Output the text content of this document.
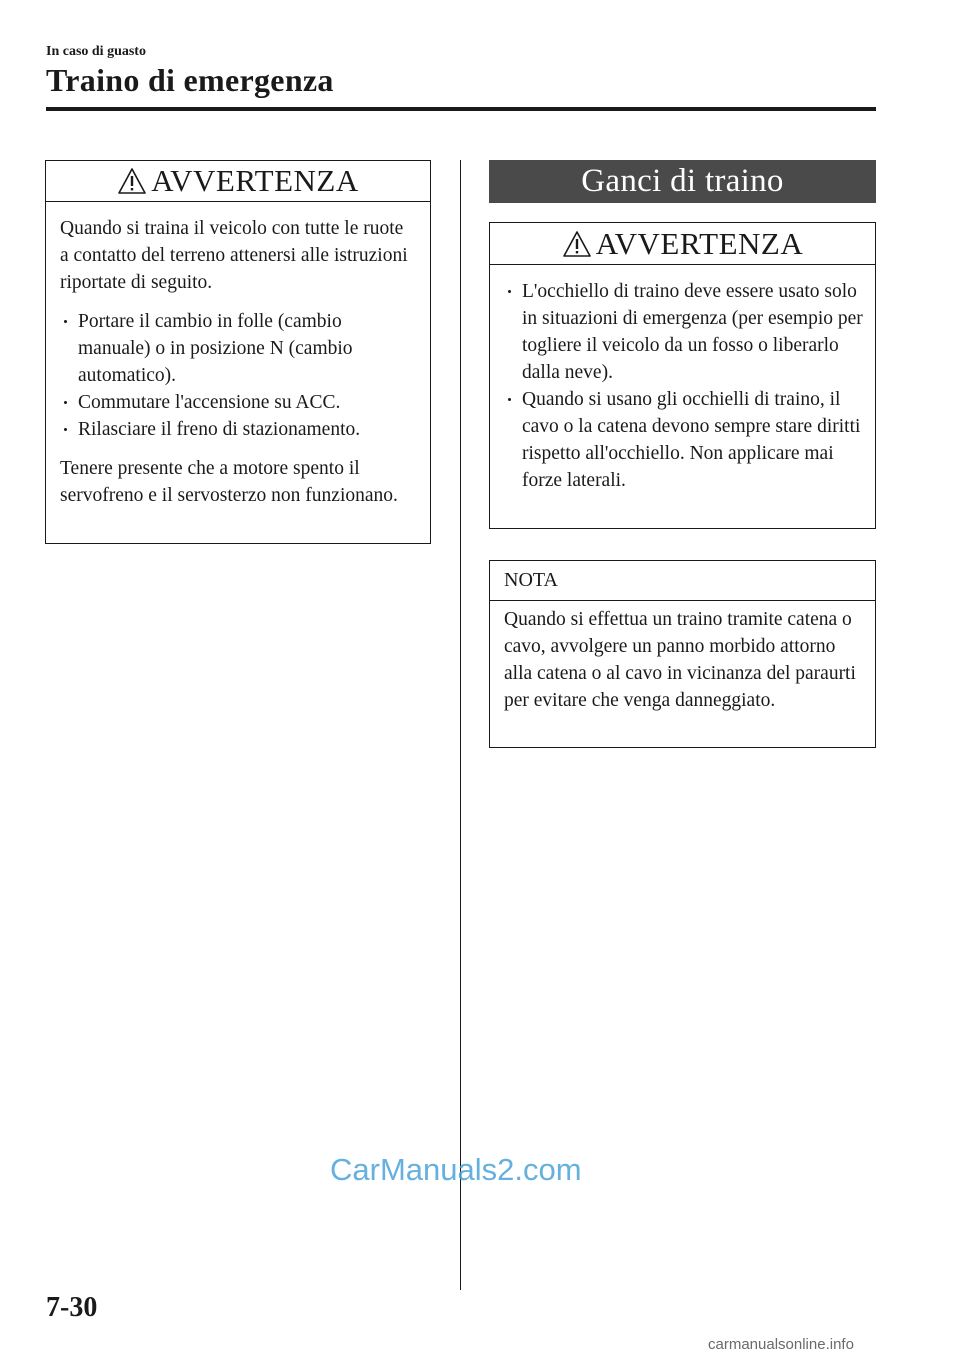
In caso di guasto
Traino di emergenza
AVVERTENZA

Quando si traina il veicolo con tutte le ruote a contatto del terreno attenersi alle istruzioni riportate di seguito.

Portare il cambio in folle (cambio manuale) o in posizione N (cambio automatico).
Commutare l'accensione su ACC.
Rilasciare il freno di stazionamento.

Tenere presente che a motore spento il servofreno e il servosterzo non funzionano.

Ganci di traino
AVVERTENZA
L'occhiello di traino deve essere usato solo in situazioni di emergenza (per esempio per togliere il veicolo da un fosso o liberarlo dalla neve).
Quando si usano gli occhielli di traino, il cavo o la catena devono sempre stare diritti rispetto all'occhiello. Non applicare mai forze laterali.
NOTA

Quando si effettua un traino tramite catena o cavo, avvolgere un panno morbido attorno alla catena o al cavo in vicinanza del paraurti per evitare che venga danneggiato.

CarManuals2.com
7-30
carmanualsonline.info
